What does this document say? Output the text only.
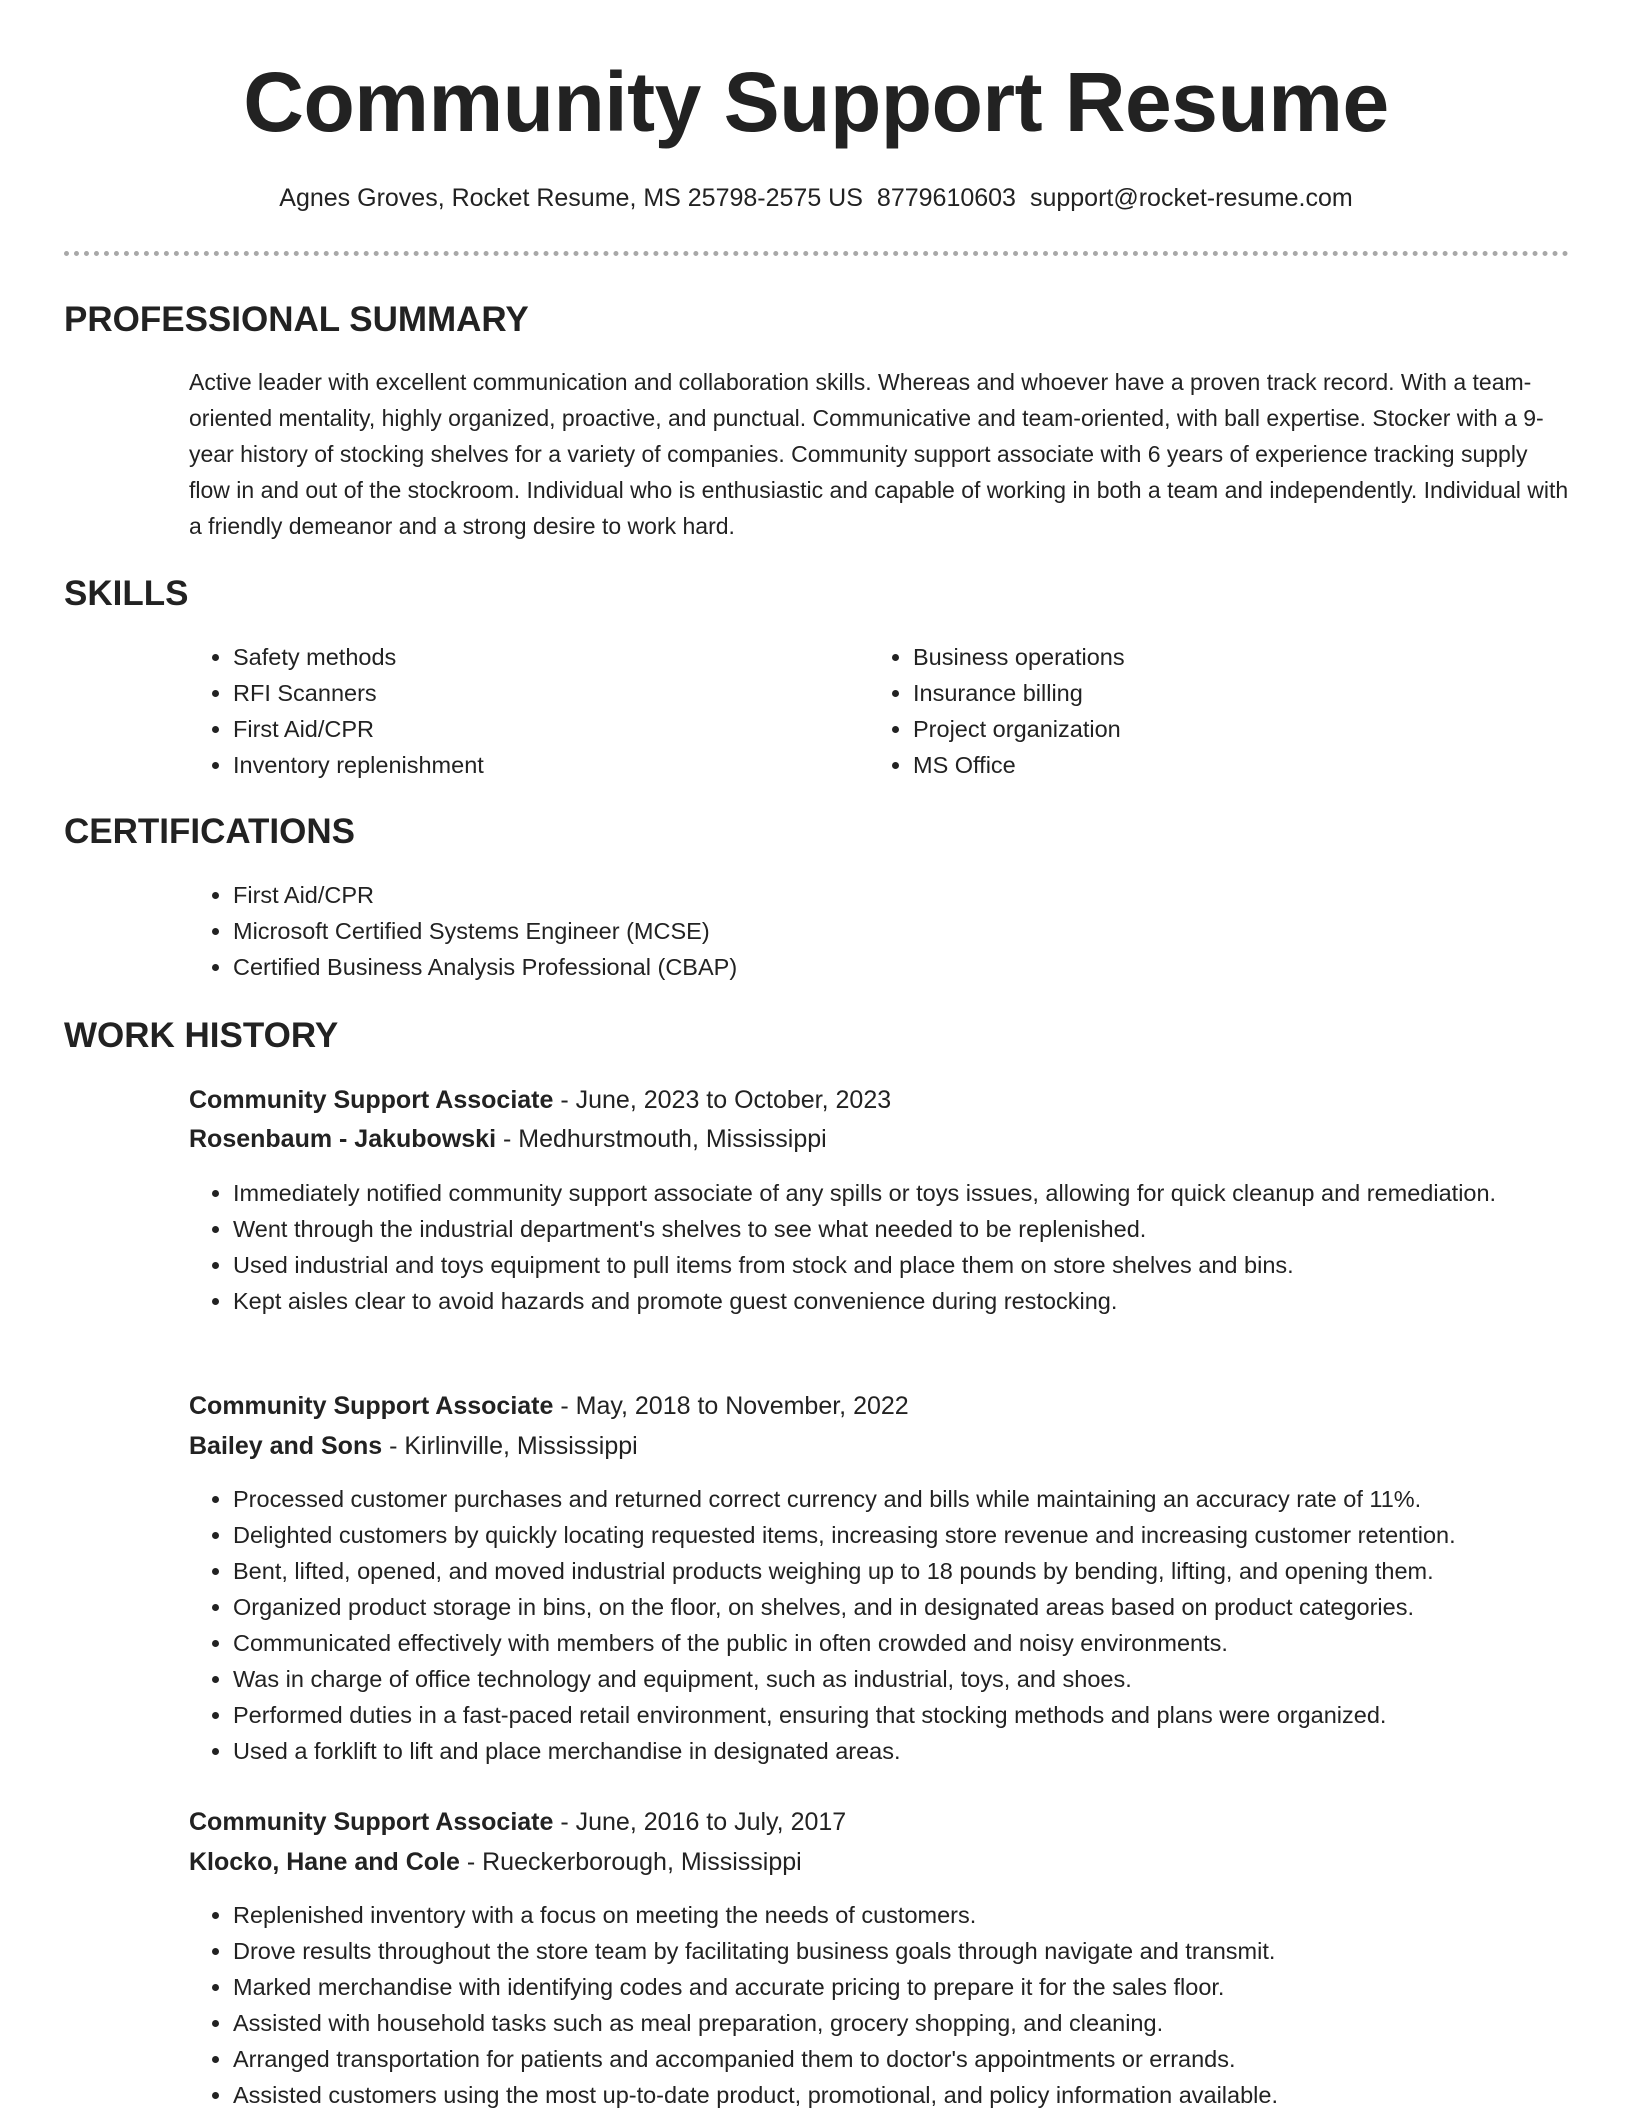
Community Support Resume
Agnes Groves, Rocket Resume, MS 25798-2575 US 8779610603 support@rocket-resume.com
PROFESSIONAL SUMMARY

Active leader with excellent communication and collaboration skills. Whereas and whoever have a proven track record. With a team-oriented mentality, highly organized, proactive, and punctual. Communicative and team-oriented, with ball expertise. Stocker with a 9-year history of stocking shelves for a variety of companies. Community support associate with 6 years of experience tracking supply flow in and out of the stockroom. Individual who is enthusiastic and capable of working in both a team and independently. Individual with a friendly demeanor and a strong desire to work hard.

SKILLS
• Safety methods
• RFI Scanners
• First Aid/CPR
• Inventory replenishment
• Business operations
• Insurance billing
• Project organization
• MS Office
CERTIFICATIONS
• First Aid/CPR
• Microsoft Certified Systems Engineer (MCSE)
• Certified Business Analysis Professional (CBAP)
WORK HISTORY
Community Support Associate - June, 2023 to October, 2023
Rosenbaum - Jakubowski - Medhurstmouth, Mississippi
• Immediately notified community support associate of any spills or toys issues, allowing for quick cleanup and remediation.
• Went through the industrial department's shelves to see what needed to be replenished.
• Used industrial and toys equipment to pull items from stock and place them on store shelves and bins.
• Kept aisles clear to avoid hazards and promote guest convenience during restocking.
Community Support Associate - May, 2018 to November, 2022
Bailey and Sons - Kirlinville, Mississippi
• Processed customer purchases and returned correct currency and bills while maintaining an accuracy rate of 11%.
• Delighted customers by quickly locating requested items, increasing store revenue and increasing customer retention.
• Bent, lifted, opened, and moved industrial products weighing up to 18 pounds by bending, lifting, and opening them.
• Organized product storage in bins, on the floor, on shelves, and in designated areas based on product categories.
• Communicated effectively with members of the public in often crowded and noisy environments.
• Was in charge of office technology and equipment, such as industrial, toys, and shoes.
• Performed duties in a fast-paced retail environment, ensuring that stocking methods and plans were organized.
• Used a forklift to lift and place merchandise in designated areas.
Community Support Associate - June, 2016 to July, 2017
Klocko, Hane and Cole - Rueckerborough, Mississippi
• Replenished inventory with a focus on meeting the needs of customers.
• Drove results throughout the store team by facilitating business goals through navigate and transmit.
• Marked merchandise with identifying codes and accurate pricing to prepare it for the sales floor.
• Assisted with household tasks such as meal preparation, grocery shopping, and cleaning.
• Arranged transportation for patients and accompanied them to doctor's appointments or errands.
• Assisted customers using the most up-to-date product, promotional, and policy information available.
